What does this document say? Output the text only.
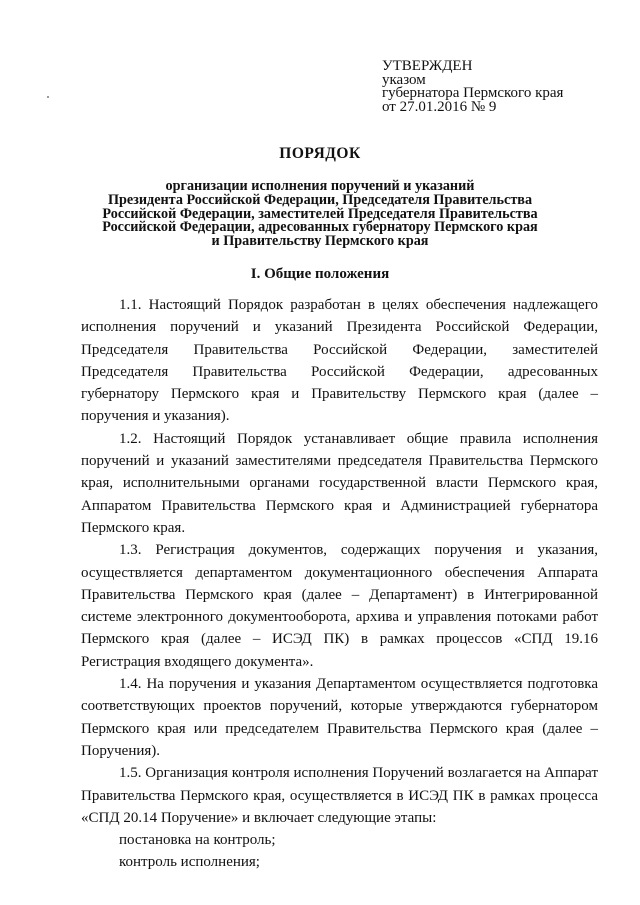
УТВЕРЖДЕН
указом
губернатора Пермского края
от 27.01.2016 № 9
ПОРЯДОК
организации исполнения поручений и указаний
Президента Российской Федерации, Председателя Правительства
Российской Федерации, заместителей Председателя Правительства
Российской Федерации, адресованных губернатору Пермского края
и Правительству Пермского края
I. Общие положения

1.1. Настоящий Порядок разработан в целях обеспечения надлежащего исполнения поручений и указаний Президента Российской Федерации, Председателя Правительства Российской Федерации, заместителей Председателя Правительства Российской Федерации, адресованных губернатору Пермского края и Правительству Пермского края (далее – поручения и указания).

1.2. Настоящий Порядок устанавливает общие правила исполнения поручений и указаний заместителями председателя Правительства Пермского края, исполнительными органами государственной власти Пермского края, Аппаратом Правительства Пермского края и Администрацией губернатора Пермского края.

1.3. Регистрация документов, содержащих поручения и указания, осуществляется департаментом документационного обеспечения Аппарата Правительства Пермского края (далее – Департамент) в Интегрированной системе электронного документооборота, архива и управления потоками работ Пермского края (далее – ИСЭД ПК) в рамках процессов «СПД 19.16 Регистрация входящего документа».

1.4. На поручения и указания Департаментом осуществляется подготовка соответствующих проектов поручений, которые утверждаются губернатором Пермского края или председателем Правительства Пермского края (далее – Поручения).

1.5. Организация контроля исполнения Поручений возлагается на Аппарат Правительства Пермского края, осуществляется в ИСЭД ПК в рамках процесса «СПД 20.14 Поручение» и включает следующие этапы:

постановка на контроль;

контроль исполнения;
